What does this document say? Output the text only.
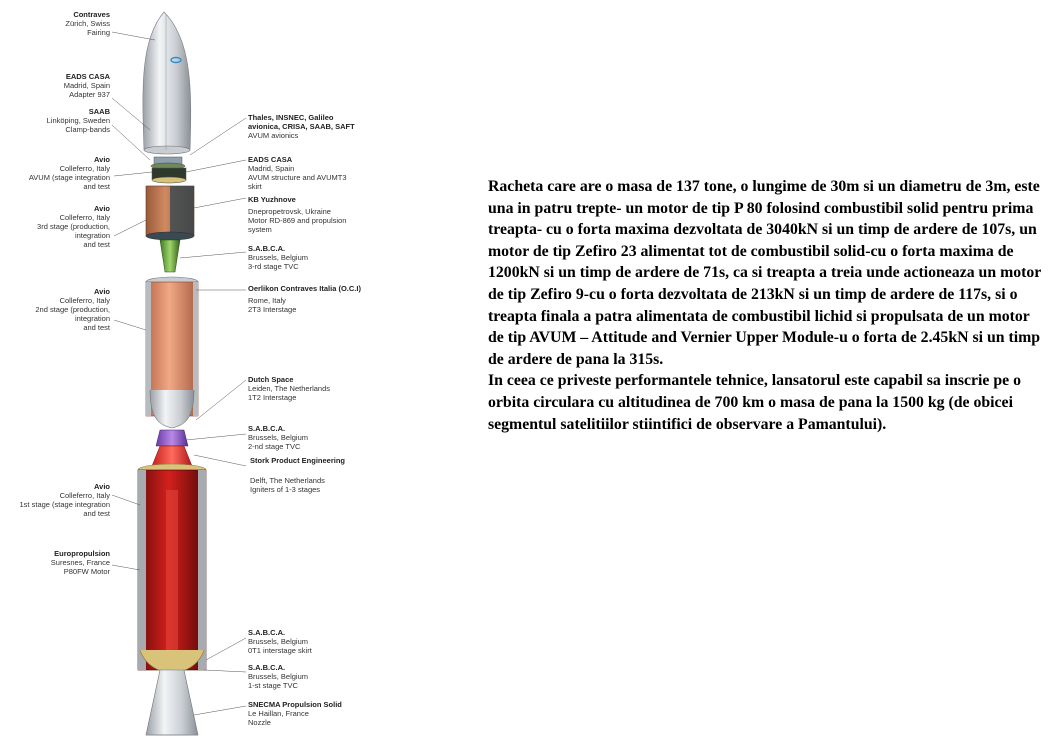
Contraves
Zürich, Swiss
Fairing
EADS CASA
Madrid, Spain
Adapter 937
SAAB
Linköping, Sweden
Clamp-bands
Avio
Colleferro, Italy
AVUM (stage integration
and test
Avio
Colleferro, Italy
3rd stage (production,
integration
and test
Avio
Colleferro, Italy
2nd stage (production,
integration
and test
Avio
Colleferro, Italy
1st stage (stage integration
and test
Europropulsion
Suresnes, France
P80FW Motor
Thales, INSNEC, Galileo avionica, CRISA, SAAB, SAFT
AVUM avionics
EADS CASA
Madrid, Spain
AVUM structure and AVUMT3
skirt
KB Yuzhnove
Dnepropetrovsk, Ukraine
Motor RD-869 and propulsion
system
S.A.B.C.A.
Brussels, Belgium
3-rd stage TVC
Oerlikon Contraves Italia (O.C.I)
Rome, Italy
2T3 Interstage
Dutch Space
Leiden, The Netherlands
1T2 Interstage
S.A.B.C.A.
Brussels, Belgium
2-nd stage TVC
Stork Product Engineering
Delft, The Netherlands
Igniters of 1-3 stages
S.A.B.C.A.
Brussels, Belgium
0T1 interstage skirt
S.A.B.C.A.
Brussels, Belgium
1-st stage TVC
SNECMA Propulsion Solid
Le Haillan, France
Nozzle

Racheta care are o masa de 137 tone, o lungime de 30m si un diametru de 3m, este una in patru trepte- un motor de tip P 80 folosind combustibil solid pentru prima treapta- cu o forta maxima dezvoltata de 3040kN si un timp de ardere de 107s, un motor de tip Zefiro 23 alimentat tot de combustibil solid-cu o forta maxima de 1200kN si un timp de ardere de 71s, ca si treapta a treia unde actioneaza un motor de tip Zefiro 9-cu o forta dezvoltata de 213kN si un timp de ardere de 117s, si o treapta finala a patra alimentata de combustibil lichid si propulsata de un motor de tip AVUM – Attitude and Vernier Upper Module-u o forta de 2.45kN si un timp de ardere de pana la 315s.

In ceea ce priveste performantele tehnice, lansatorul este capabil sa inscrie pe o orbita circulara cu altitudinea de 700 km o masa de pana la 1500 kg (de obicei segmentul satelitiilor stiintifici de observare a Pamantului).
